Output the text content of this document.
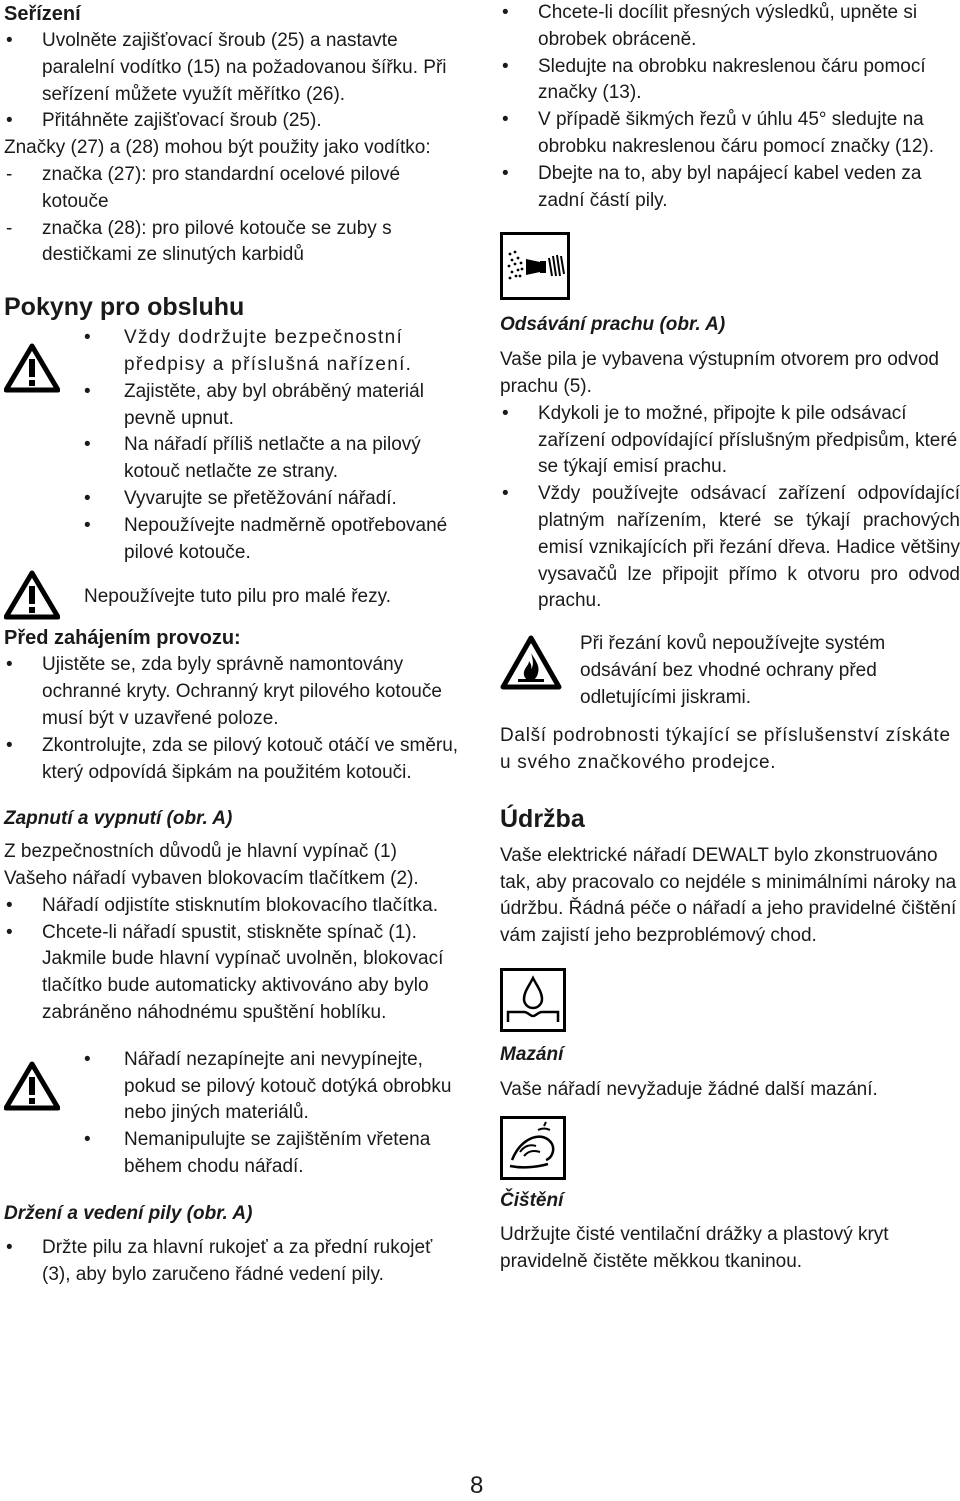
Seřízení
• Uvolněte zajišťovací šroub (25) a nastavte paralelní vodítko (15) na požadovanou šířku. Při seřízení můžete využít měřítko (26).
• Přitáhněte zajišťovací šroub (25).

Značky (27) a (28) mohou být použity jako vodítko:

- značka (27): pro standardní ocelové pilové kotouče
- značka (28): pro pilové kotouče se zuby s destičkami ze slinutých karbidů
Pokyny pro obsluhu
• Vždy dodržujte bezpečnostní předpisy a příslušná nařízení.
• Zajistěte, aby byl obráběný materiál pevně upnut.
• Na nářadí příliš netlačte a na pilový kotouč netlačte ze strany.
• Vyvarujte se přetěžování nářadí.
• Nepoužívejte nadměrně opotřebované pilové kotouče.

Nepoužívejte tuto pilu pro malé řezy.

Před zahájením provozu:
• Ujistěte se, zda byly správně namontovány ochranné kryty. Ochranný kryt pilového kotouče musí být v uzavřené poloze.
• Zkontrolujte, zda se pilový kotouč otáčí ve směru, který odpovídá šipkám na použitém kotouči.
Zapnutí a vypnutí (obr. A)

Z bezpečnostních důvodů je hlavní vypínač (1) Vašeho nářadí vybaven blokovacím tlačítkem (2).

• Nářadí odjistíte stisknutím blokovacího tlačítka.
• Chcete-li nářadí spustit, stiskněte spínač (1). Jakmile bude hlavní vypínač uvolněn, blokovací tlačítko bude automaticky aktivováno aby bylo zabráněno náhodnému spuštění hoblíku.
• Nářadí nezapínejte ani nevypínejte, pokud se pilový kotouč dotýká obrobku nebo jiných materiálů.
• Nemanipulujte se zajištěním vřetena během chodu nářadí.
Držení a vedení pily (obr. A)
• Držte pilu za hlavní rukojeť a za přední rukojeť (3), aby bylo zaručeno řádné vedení pily.
• Chcete-li docílit přesných výsledků, upněte si obrobek obráceně.
• Sledujte na obrobku nakreslenou čáru pomocí značky (13).
• V případě šikmých řezů v úhlu 45° sledujte na obrobku nakreslenou čáru pomocí značky (12).
• Dbejte na to, aby byl napájecí kabel veden za zadní částí pily.
Odsávání prachu (obr. A)

Vaše pila je vybavena výstupním otvorem pro odvod prachu (5).

• Kdykoli je to možné, připojte k pile odsávací zařízení odpovídající příslušným předpisům, které se týkají emisí prachu.
• Vždy používejte odsávací zařízení odpovídající platným nařízením, které se týkají prachových emisí vznikajících při řezání dřeva. Hadice většiny vysavačů lze připojit přímo k otvoru pro odvod prachu.

Při řezání kovů nepoužívejte systém odsávání bez vhodné ochrany před odletujícími jiskrami.

Další podrobnosti týkající se příslušenství získáte u svého značkového prodejce.

Údržba

Vaše elektrické nářadí DEWALT bylo zkonstruováno tak, aby pracovalo co nejdéle s minimálními nároky na údržbu. Řádná péče o nářadí a jeho pravidelné čištění vám zajistí jeho bezproblémový chod.

Mazání

Vaše nářadí nevyžaduje žádné další mazání.

Čištění

Udržujte čisté ventilační drážky a plastový kryt pravidelně čistěte měkkou tkaninou.

8
